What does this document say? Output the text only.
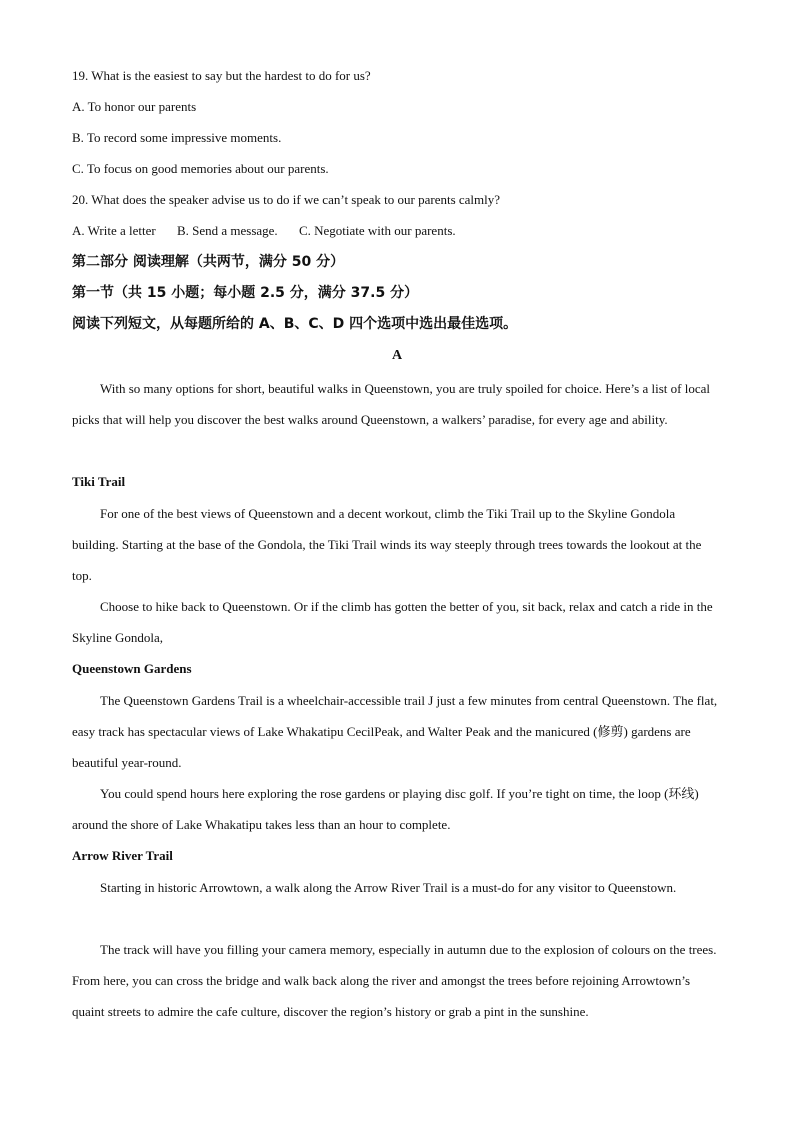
19. What is the easiest to say but the hardest to do for us?
A. To honor our parents
B. To record some impressive moments.
C. To focus on good memories about our parents.
20. What does the speaker advise us to do if we can’t speak to our parents calmly?
A. Write a letter B. Send a message. C. Negotiate with our parents.
第二部分 阅读理解（共两节，满分 50 分）
第一节（共 15 小题；每小题 2.5 分，满分 37.5 分）
阅读下列短文，从每题所给的 A、B、C、D 四个选项中选出最佳选项。
A
With so many options for short, beautiful walks in Queenstown, you are truly spoiled for choice. Here’s a list of local picks that will help you discover the best walks around Queenstown, a walkers’ paradise, for every age and ability.
Tiki Trail
For one of the best views of Queenstown and a decent workout, climb the Tiki Trail up to the Skyline Gondola building. Starting at the base of the Gondola, the Tiki Trail winds its way steeply through trees towards the lookout at the top.
Choose to hike back to Queenstown. Or if the climb has gotten the better of you, sit back, relax and catch a ride in the Skyline Gondola,
Queenstown Gardens
The Queenstown Gardens Trail is a wheelchair-accessible trail J just a few minutes from central Queenstown. The flat, easy track has spectacular views of Lake Whakatipu CecilPeak, and Walter Peak and the manicured (修剪) gardens are beautiful year-round.
You could spend hours here exploring the rose gardens or playing disc golf. If you’re tight on time, the loop (环线) around the shore of Lake Whakatipu takes less than an hour to complete.
Arrow River Trail
Starting in historic Arrowtown, a walk along the Arrow River Trail is a must-do for any visitor to Queenstown.
The track will have you filling your camera memory, especially in autumn due to the explosion of colours on the trees. From here, you can cross the bridge and walk back along the river and amongst the trees before rejoining Arrowtown’s quaint streets to admire the cafe culture, discover the region’s history or grab a pint in the sunshine.
